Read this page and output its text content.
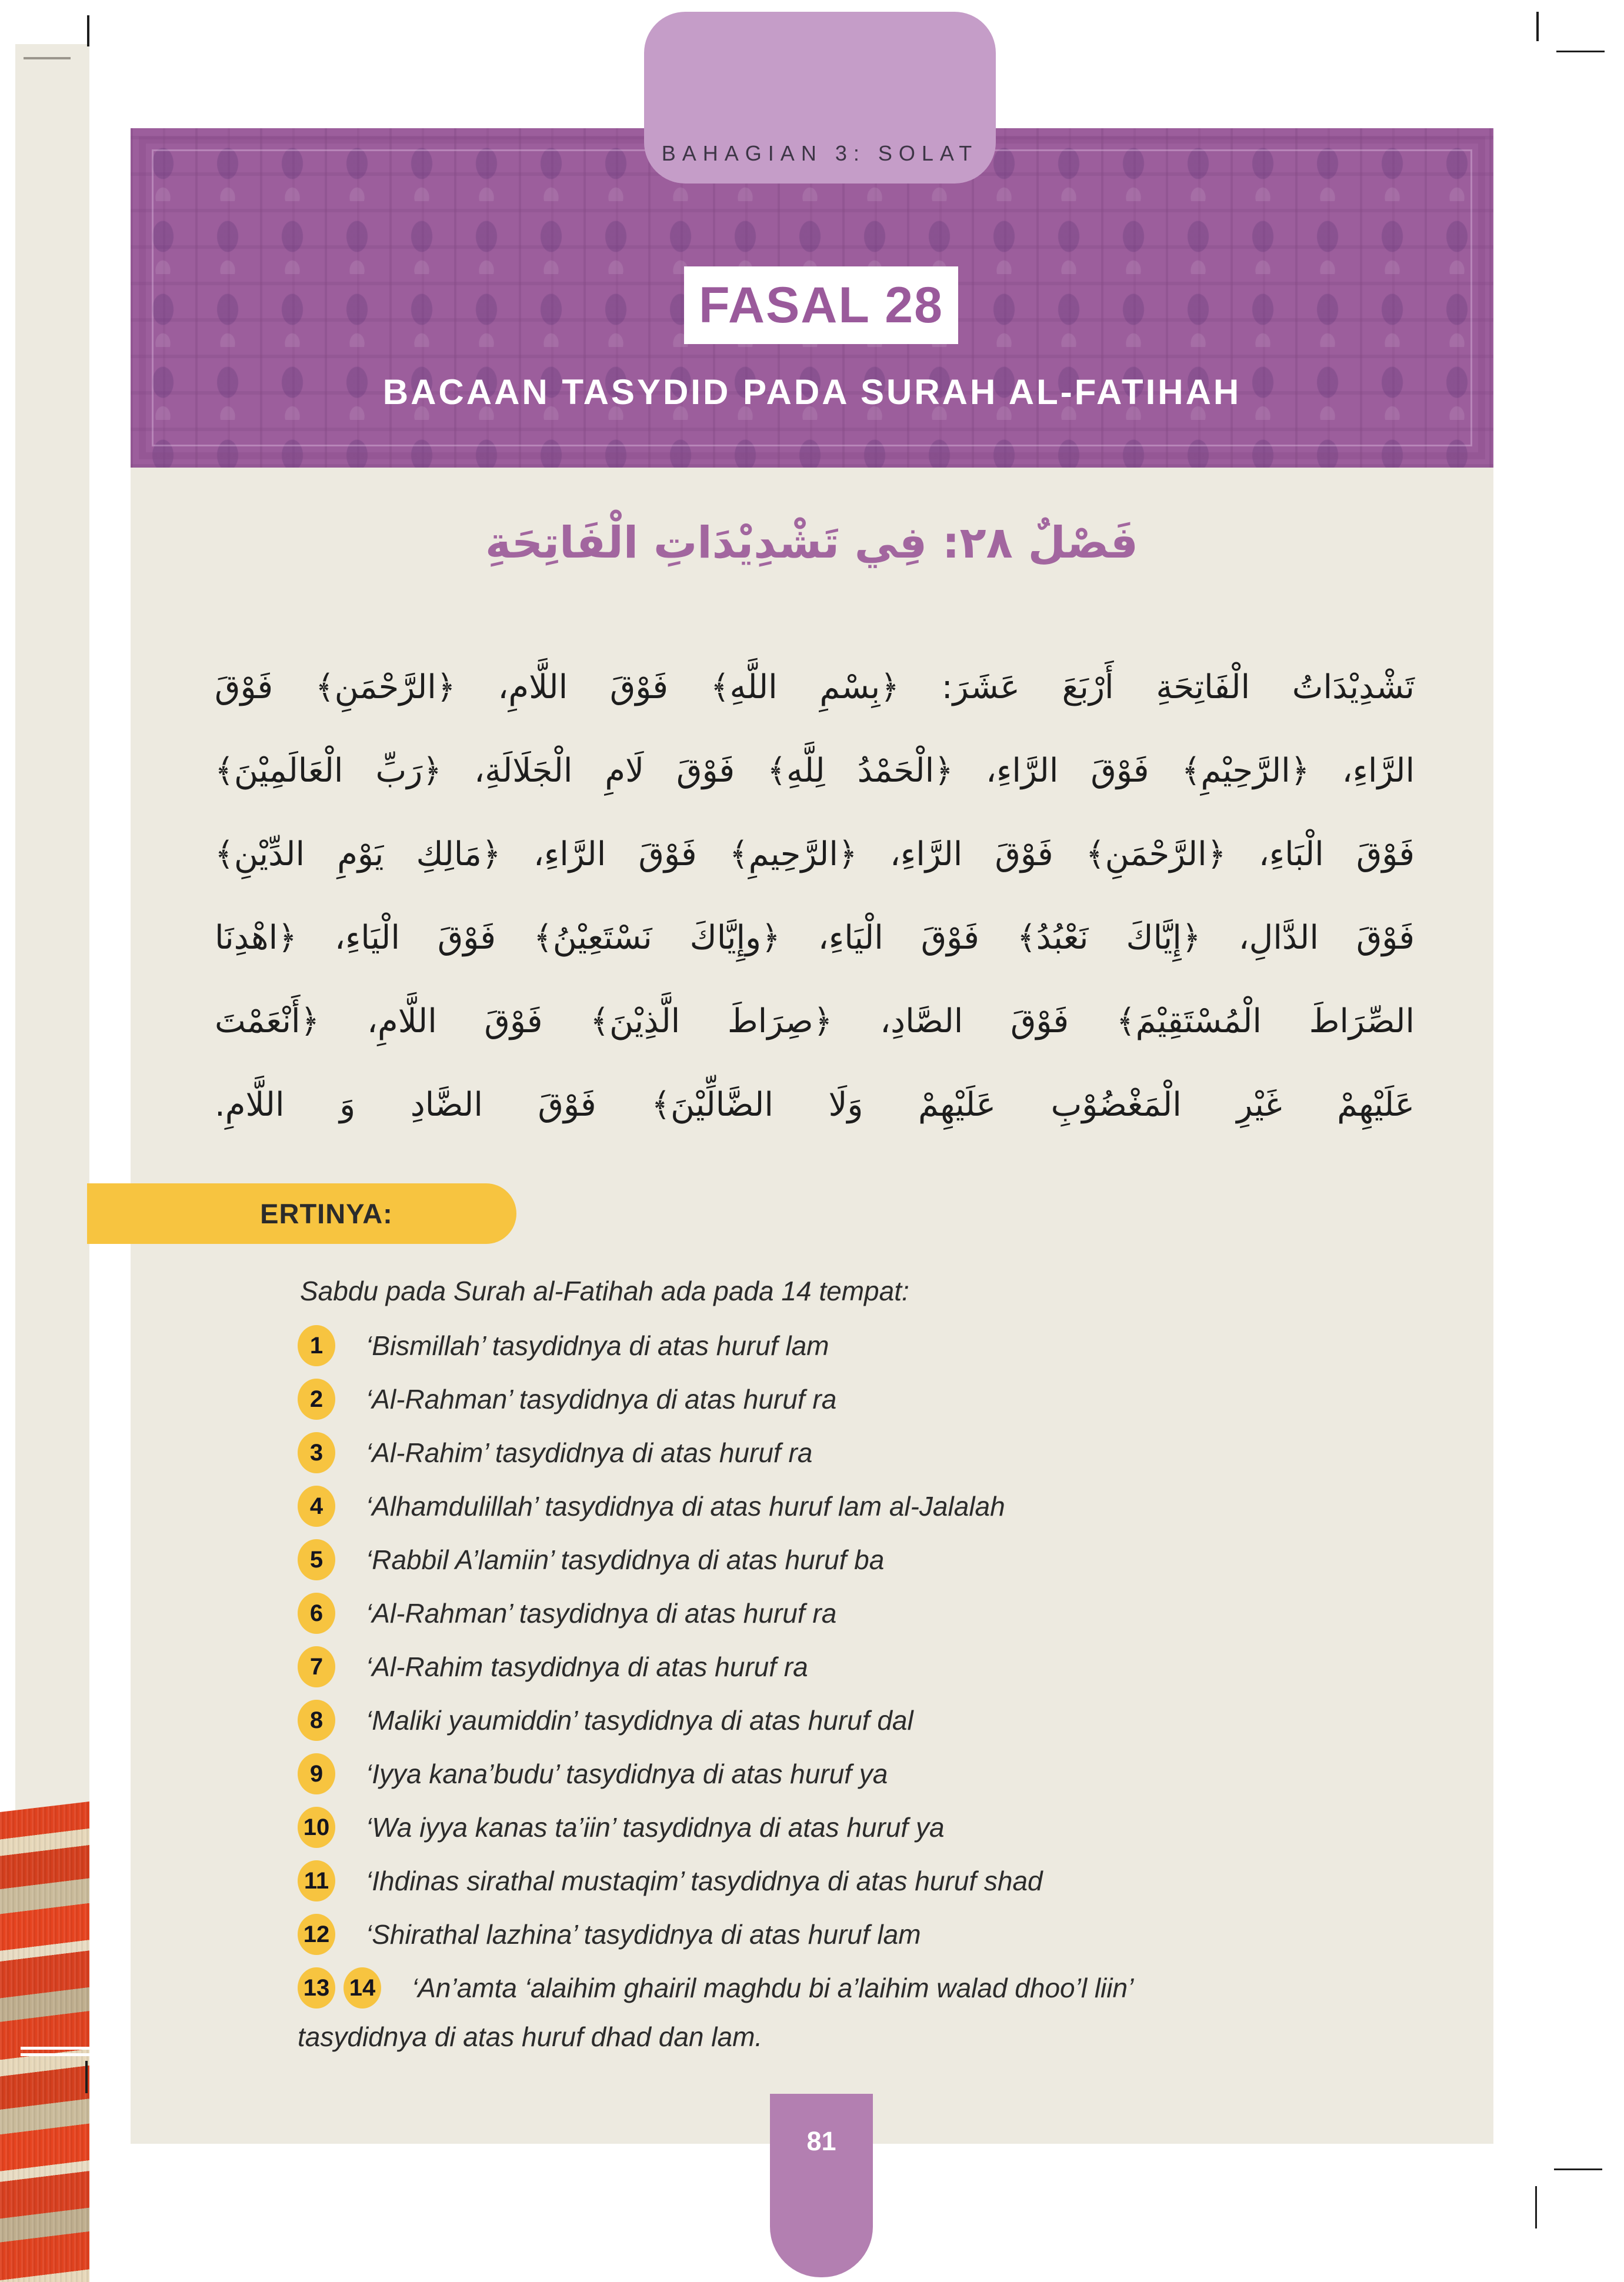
BAHAGIAN 3: SOLAT
FASAL 28
BACAAN TASYDID PADA SURAH AL-FATIHAH
فَصْلٌ ٢٨: فِي تَشْدِيْدَاتِ الْفَاتِحَةِ
تَشْدِيْدَاتُ الْفَاتِحَةِ أَرْبَعَ عَشَرَ: ﴿بِسْمِ اللَّهِ﴾ فَوْقَ اللَّامِ، ﴿الرَّحْمَنِ﴾ فَوْقَ
الرَّاءِ، ﴿الرَّحِيْمِ﴾ فَوْقَ الرَّاءِ، ﴿الْحَمْدُ لِلَّهِ﴾ فَوْقَ لَامِ الْجَلَالَةِ، ﴿رَبِّ الْعَالَمِيْنَ﴾
فَوْقَ الْبَاءِ، ﴿الرَّحْمَنِ﴾ فَوْقَ الرَّاءِ، ﴿الرَّحِيمِ﴾ فَوْقَ الرَّاءِ، ﴿مَالِكِ يَوْمِ الدِّيْنِ﴾
فَوْقَ الدَّالِ، ﴿إِيَّاكَ نَعْبُدُ﴾ فَوْقَ الْيَاءِ، ﴿وإِيَّاكَ نَسْتَعِيْنُ﴾ فَوْقَ الْيَاءِ، ﴿اهْدِنَا
الصِّرَاطَ الْمُسْتَقِيْمَ﴾ فَوْقَ الصَّادِ، ﴿صِرَاطَ الَّذِيْنَ﴾ فَوْقَ اللَّامِ، ﴿أَنْعَمْتَ
عَلَيْهِمْ غَيْرِ الْمَغْضُوْبِ عَلَيْهِمْ وَلَا الضَّالِّيْنَ﴾ فَوْقَ الضَّادِ وَ اللَّامِ.
ERTINYA:
Sabdu pada Surah al-Fatihah ada pada 14 tempat:
1	‘Bismillah’ tasydidnya di atas huruf lam
2	‘Al-Rahman’ tasydidnya di atas huruf ra
3	‘Al-Rahim’ tasydidnya di atas huruf ra
4	‘Alhamdulillah’ tasydidnya di atas huruf lam al-Jalalah
5	‘Rabbil A’lamiin’ tasydidnya di atas huruf ba
6	‘Al-Rahman’ tasydidnya di atas huruf ra
7	‘Al-Rahim tasydidnya di atas huruf ra
8	‘Maliki yaumiddin’ tasydidnya di atas huruf dal
9	‘Iyya kana’budu’ tasydidnya di atas huruf ya
10 ‘Wa iyya kanas ta’iin’ tasydidnya di atas huruf ya
11 ‘Ihdinas sirathal mustaqim’ tasydidnya di atas huruf shad
12 ‘Shirathal lazhina’ tasydidnya di atas huruf lam
13 14 ‘An’amta ‘alaihim ghairil maghdu bi a’laihim walad dhoo’l liin’
tasydidnya di atas huruf dhad dan lam.
81
